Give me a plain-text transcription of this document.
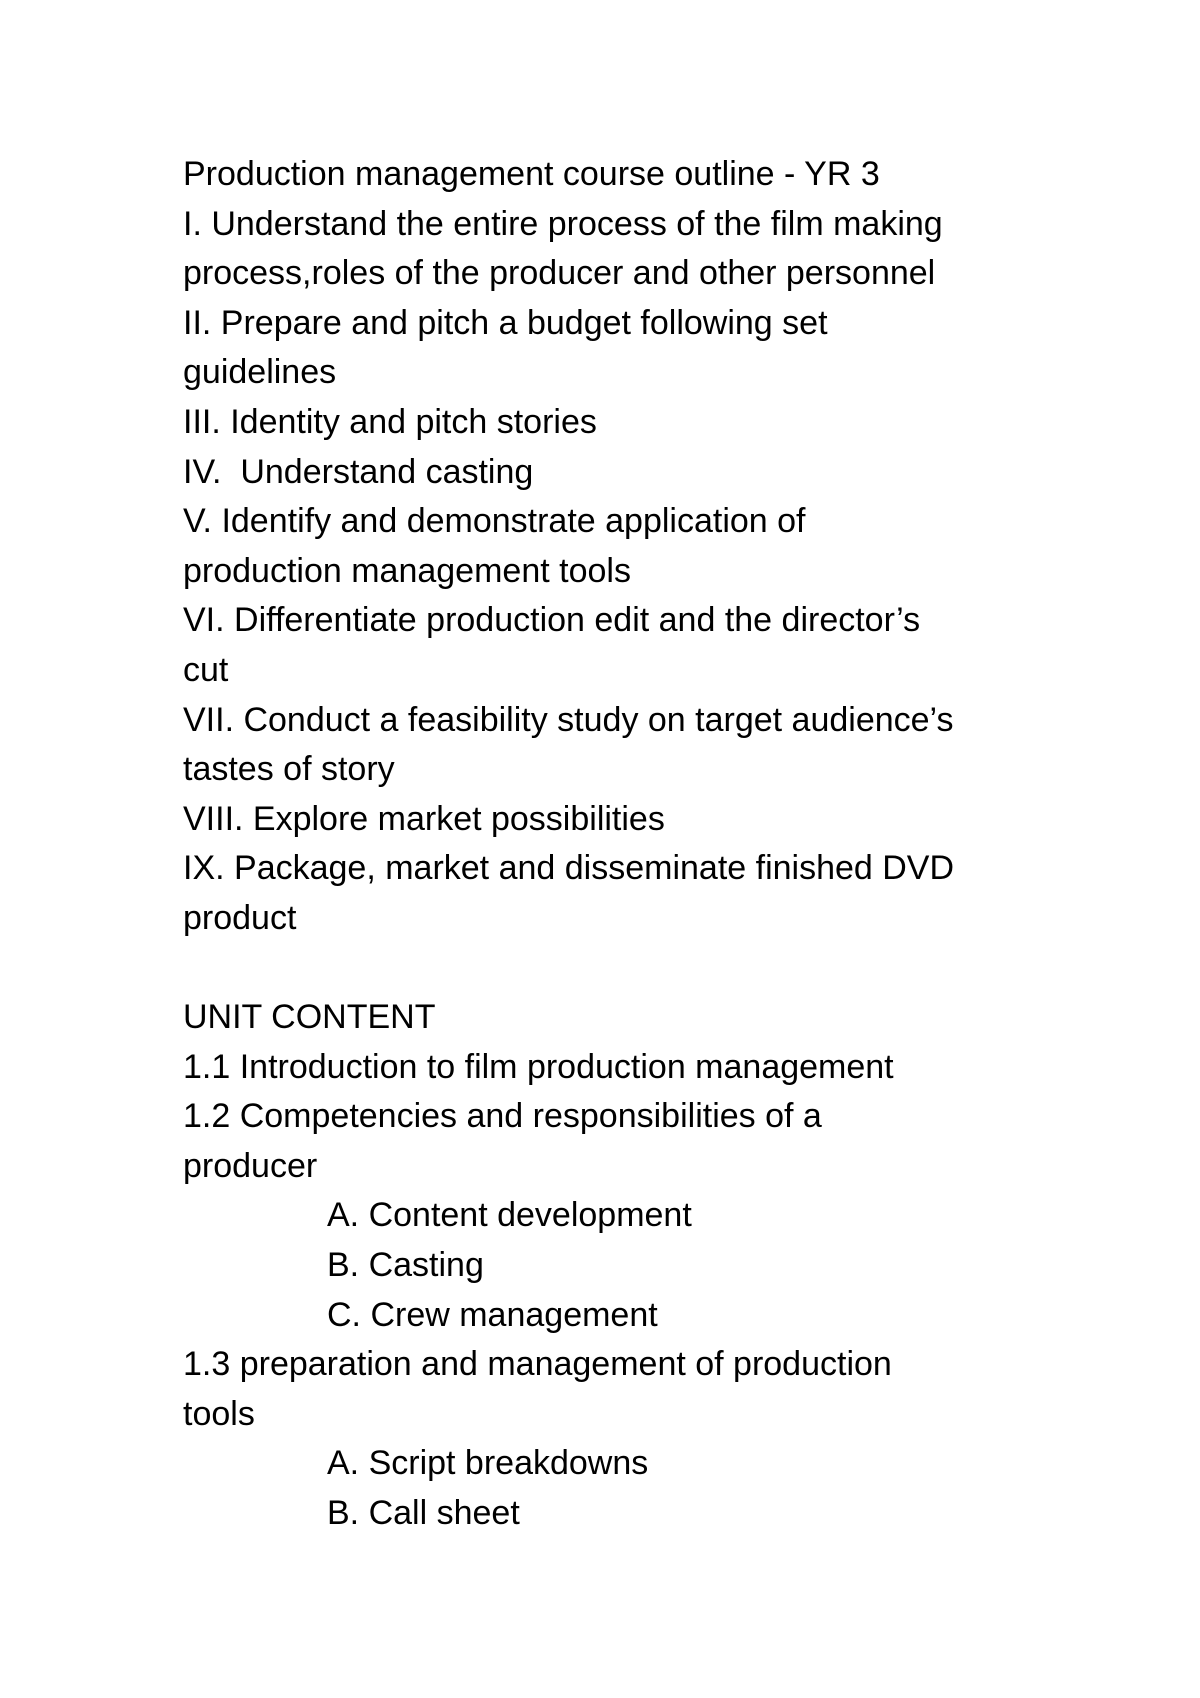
Production management course outline - YR 3
I. Understand the entire process of the film making
process,roles of the producer and other personnel
II. Prepare and pitch a budget following set
guidelines
III. Identity and pitch stories
IV.  Understand casting
V. Identify and demonstrate application of
production management tools
VI. Differentiate production edit and the director’s
cut
VII. Conduct a feasibility study on target audience’s
tastes of story
VIII. Explore market possibilities
IX. Package, market and disseminate finished DVD
product
UNIT CONTENT
1.1 Introduction to film production management
1.2 Competencies and responsibilities of a
producer
A. Content development
B. Casting
C. Crew management
1.3 preparation and management of production
tools
A. Script breakdowns
B. Call sheet
